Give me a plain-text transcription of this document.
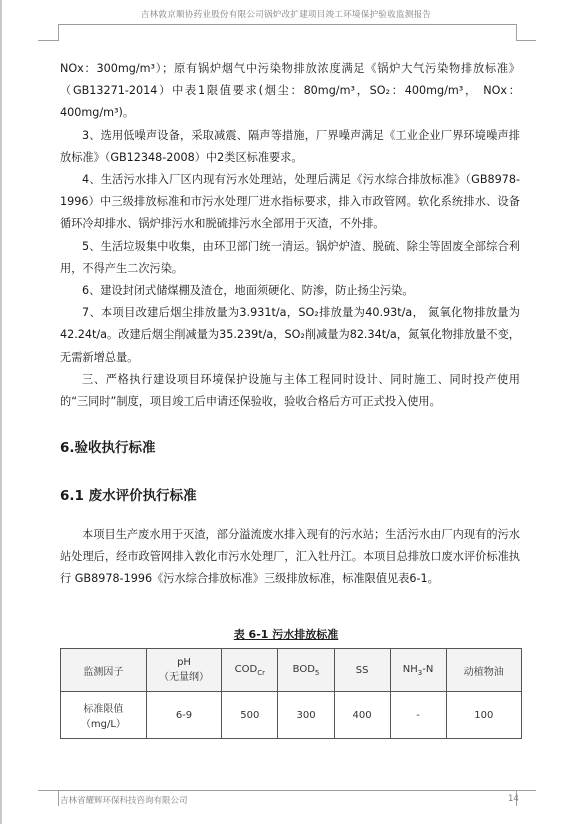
吉林敦京顺协药业股份有限公司锅炉改扩建项目竣工环境保护验收监测报告

NOx：300mg/m³）；原有锅炉烟气中污染物排放浓度满足《锅炉大气污染物排放标准》（GB13271-2014）中表1限值要求(烟尘：80mg/m³，SO₂：400mg/m³， NOx：400mg/m³)。

3、选用低噪声设备，采取减震、隔声等措施，厂界噪声满足《工业企业厂界环境噪声排放标准》（GB12348-2008）中2类区标准要求。

4、生活污水排入厂区内现有污水处理站，处理后满足《污水综合排放标准》（GB8978-1996）中三级排放标准和市污水处理厂进水指标要求，排入市政管网。软化系统排水、设备循环冷却排水、锅炉排污水和脱硫排污水全部用于灭渣，不外排。

5、生活垃圾集中收集，由环卫部门统一清运。锅炉炉渣、脱硫、除尘等固废全部综合利用，不得产生二次污染。

6、建设封闭式储煤棚及渣仓，地面须硬化、防渗，防止扬尘污染。

7、本项目改建后烟尘排放量为3.931t/a，SO₂排放量为40.93t/a， 氮氧化物排放量为42.24t/a。改建后烟尘削减量为35.239t/a，SO₂削减量为82.34t/a，氮氧化物排放量不变，无需新增总量。

三、严格执行建设项目环境保护设施与主体工程同时设计、同时施工、同时投产使用的“三同时”制度，项目竣工后申请还保验收，验收合格后方可正式投入使用。

6.验收执行标准
6.1 废水评价执行标准

本项目生产废水用于灭渣，部分溢流废水排入现有的污水站；生活污水由厂内现有的污水站处理后，经市政管网排入敦化市污水处理厂，汇入牡丹江。本项目总排放口废水评价标准执行 GB8978-1996《污水综合排放标准》三级排放标准，标准限值见表6-1。

表 6-1 污水排放标准
监测因子	pH
（无量纲）	$COD_{Cr}$	$BOD_5$	SS	$NH_3-N$	动植物油

标准限值
（mg/L）	6-9	500	300	400	-	100
吉林省耀辉环保科技咨询有限公司	14
